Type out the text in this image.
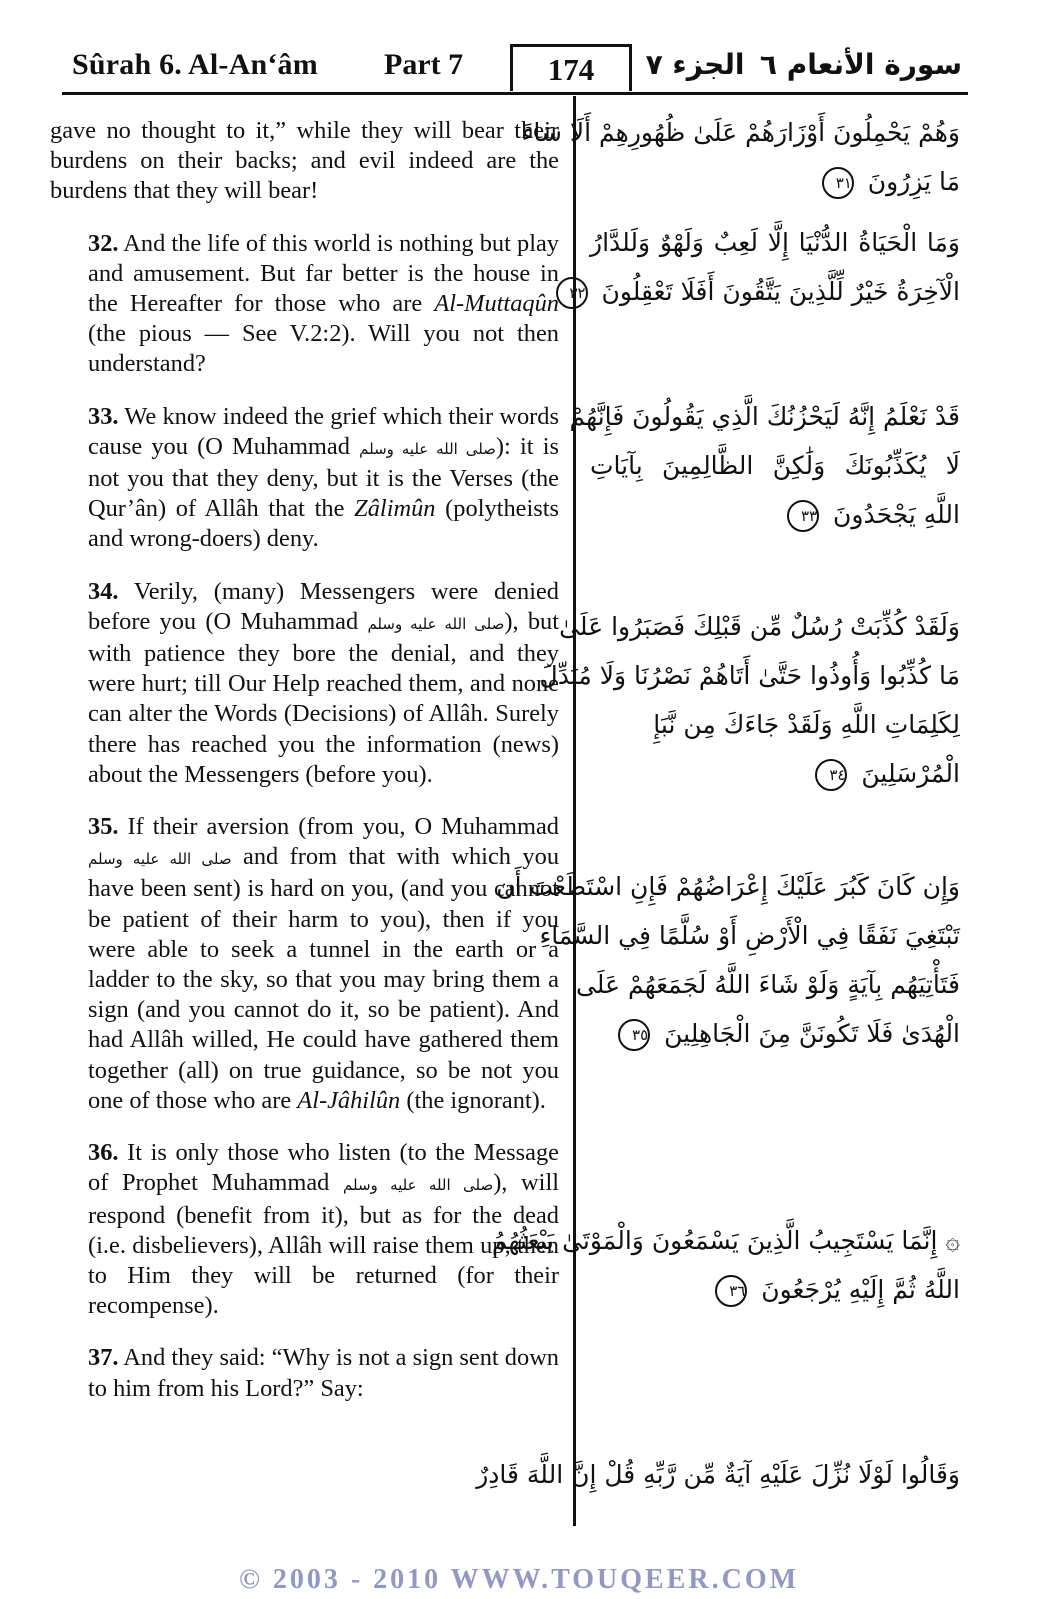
Sûrah 6. Al-An‘âm Part 7	174	الجزء ٧ سورة الأنعام ٦

gave no thought to it,” while they will bear their burdens on their backs; and evil indeed are the burdens that they will bear!

32. And the life of this world is nothing but play and amusement. But far better is the house in the Hereafter for those who are Al-Muttaqûn (the pious — See V.2:2). Will you not then understand?

33. We know indeed the grief which their words cause you (O Muhammad صلى الله عليه وسلم): it is not you that they deny, but it is the Verses (the Qur’ân) of Allâh that the Zâlimûn (polytheists and wrong-doers) deny.

34. Verily, (many) Messengers were denied before you (O Muhammad صلى الله عليه وسلم), but with patience they bore the denial, and they were hurt; till Our Help reached them, and none can alter the Words (Decisions) of Allâh. Surely there has reached you the information (news) about the Messengers (before you).

35. If their aversion (from you, O Muhammad صلى الله عليه وسلم and from that with which you have been sent) is hard on you, (and you cannot be patient of their harm to you), then if you were able to seek a tunnel in the earth or a ladder to the sky, so that you may bring them a sign (and you cannot do it, so be patient). And had Allâh willed, He could have gathered them together (all) on true guidance, so be not you one of those who are Al-Jâhilûn (the ignorant).

36. It is only those who listen (to the Message of Prophet Muhammad صلى الله عليه وسلم), will respond (benefit from it), but as for the dead (i.e. disbelievers), Allâh will raise them up, then to Him they will be returned (for their recompense).

37. And they said: “Why is not a sign sent down to him from his Lord?” Say:

وَهُمْ يَحْمِلُونَ أَوْزَارَهُمْ عَلَىٰ ظُهُورِهِمْ أَلَا سَاءَ
مَا يَزِرُونَ ٣١
وَمَا الْحَيَاةُ الدُّنْيَا إِلَّا لَعِبٌ وَلَهْوٌ وَلَلدَّارُ
الْآخِرَةُ خَيْرٌ لِّلَّذِينَ يَتَّقُونَ أَفَلَا تَعْقِلُونَ ٣٢
قَدْ نَعْلَمُ إِنَّهُ لَيَحْزُنُكَ الَّذِي يَقُولُونَ فَإِنَّهُمْ
لَا يُكَذِّبُونَكَ وَلَٰكِنَّ الظَّالِمِينَ بِآيَاتِ
اللَّهِ يَجْحَدُونَ ٣٣
وَلَقَدْ كُذِّبَتْ رُسُلٌ مِّن قَبْلِكَ فَصَبَرُوا عَلَىٰ
مَا كُذِّبُوا وَأُوذُوا حَتَّىٰ أَتَاهُمْ نَصْرُنَا وَلَا مُبَدِّلَ
لِكَلِمَاتِ اللَّهِ وَلَقَدْ جَاءَكَ مِن نَّبَإِ
الْمُرْسَلِينَ ٣٤
وَإِن كَانَ كَبُرَ عَلَيْكَ إِعْرَاضُهُمْ فَإِنِ اسْتَطَعْتَ أَن
تَبْتَغِيَ نَفَقًا فِي الْأَرْضِ أَوْ سُلَّمًا فِي السَّمَاءِ
فَتَأْتِيَهُم بِآيَةٍ وَلَوْ شَاءَ اللَّهُ لَجَمَعَهُمْ عَلَى
الْهُدَىٰ فَلَا تَكُونَنَّ مِنَ الْجَاهِلِينَ ٣٥
۞ إِنَّمَا يَسْتَجِيبُ الَّذِينَ يَسْمَعُونَ وَالْمَوْتَىٰ يَبْعَثُهُمُ
اللَّهُ ثُمَّ إِلَيْهِ يُرْجَعُونَ ٣٦
وَقَالُوا لَوْلَا نُزِّلَ عَلَيْهِ آيَةٌ مِّن رَّبِّهِ قُلْ إِنَّ اللَّهَ قَادِرٌ
© 2003 - 2010 WWW.TOUQEER.COM
